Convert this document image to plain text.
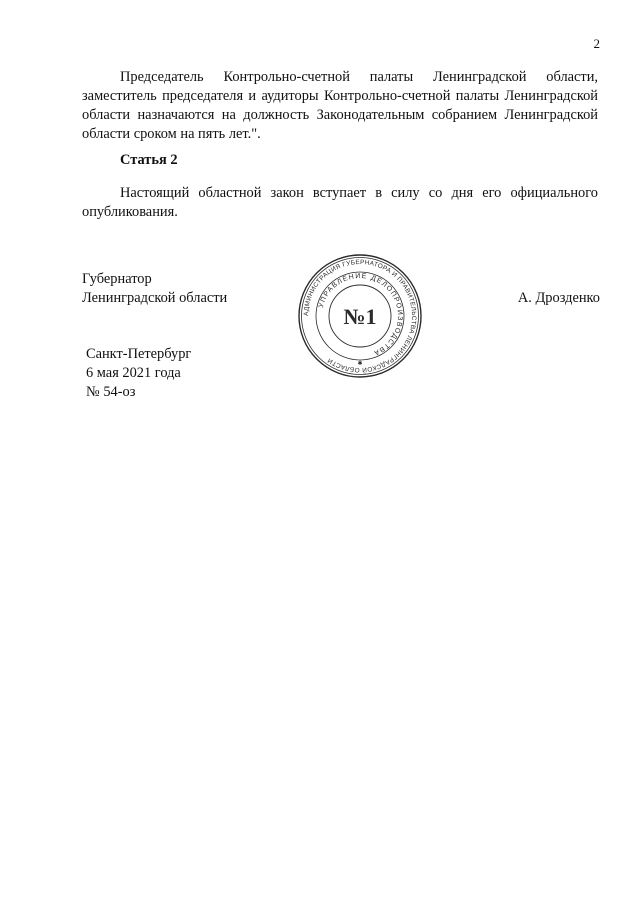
2

Председатель Контрольно-счетной палаты Ленинградской области, заместитель председателя и аудиторы Контрольно-счетной палаты Ленинградской области назначаются на должность Законодательным собранием Ленинградской области сроком на пять лет.".

Статья 2

Настоящий областной закон вступает в силу со дня его официального опубликования.

Губернатор
Ленинградской области	А. Дрозденко
АДМИНИСТРАЦИЯ ГУБЕРНАТОРА И ПРАВИТЕЛЬСТВА ЛЕНИНГРАДСКОЙ ОБЛАСТИ
УПРАВЛЕНИЕ ДЕЛОПРОИЗВОДСТВА
№1
✱
Санкт-Петербург
6 мая 2021 года
№ 54-оз
